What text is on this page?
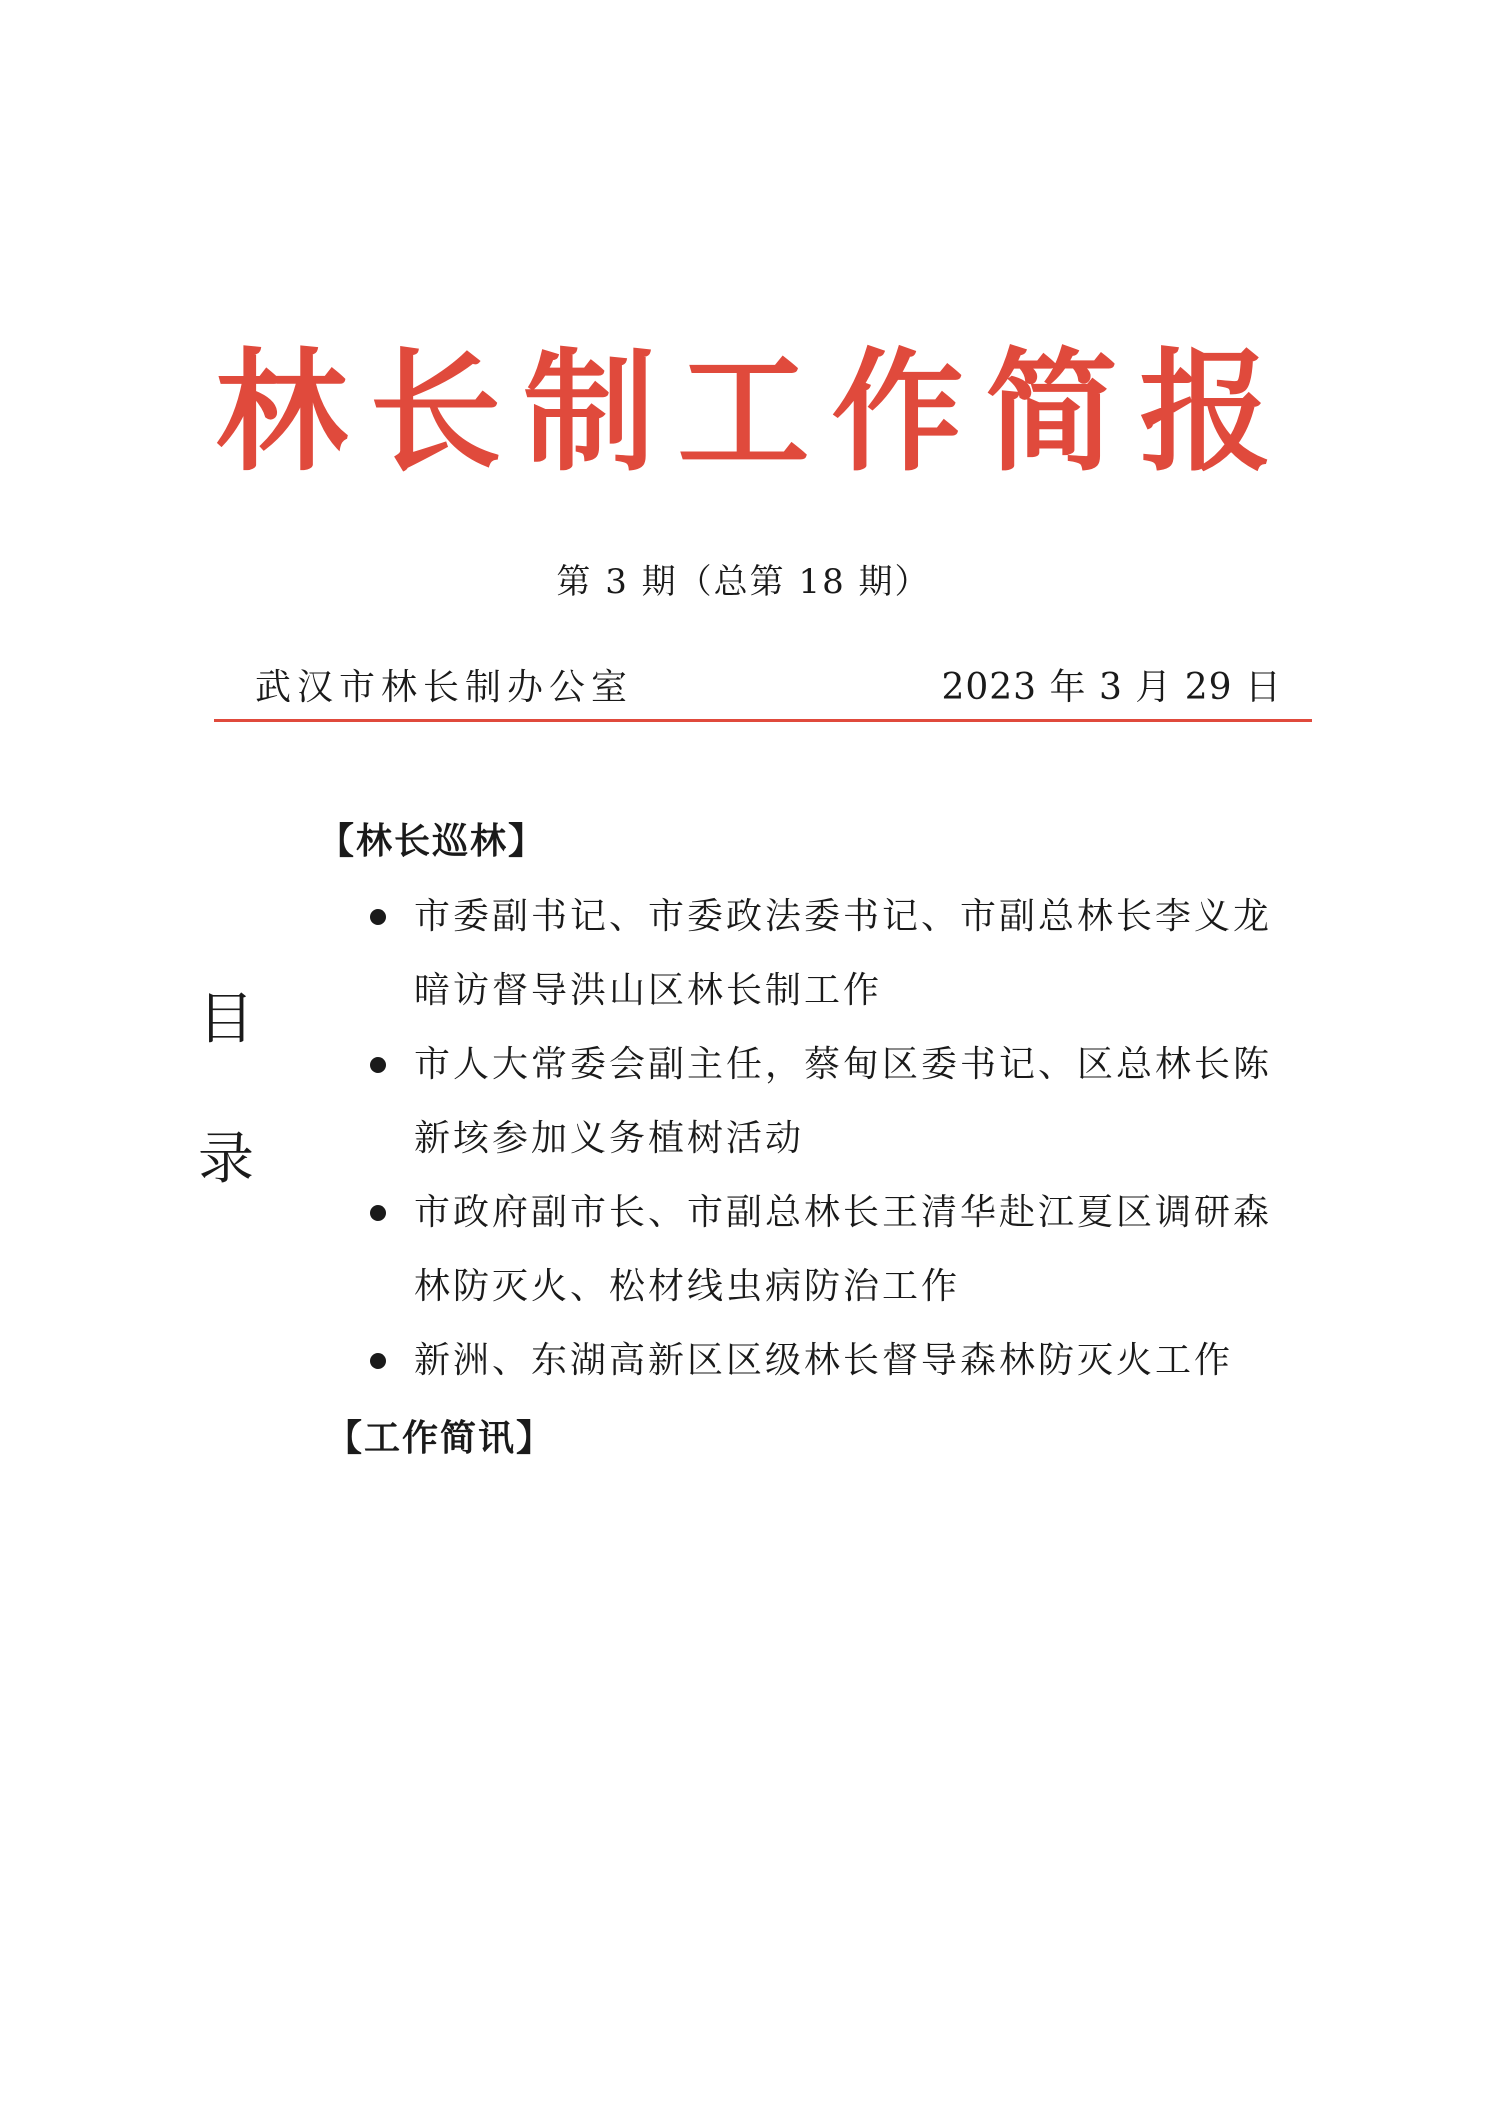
林长制工作简报
第 3 期（总第 18 期）
武汉市林长制办公室	2023 年 3 月 29 日
目
录
【林长巡林】
市委副书记、市委政法委书记、市副总林长李义龙暗访督导洪山区林长制工作
市人大常委会副主任，蔡甸区委书记、区总林长陈新垓参加义务植树活动
市政府副市长、市副总林长王清华赴江夏区调研森林防灭火、松材线虫病防治工作
新洲、东湖高新区区级林长督导森林防灭火工作
【工作简讯】
